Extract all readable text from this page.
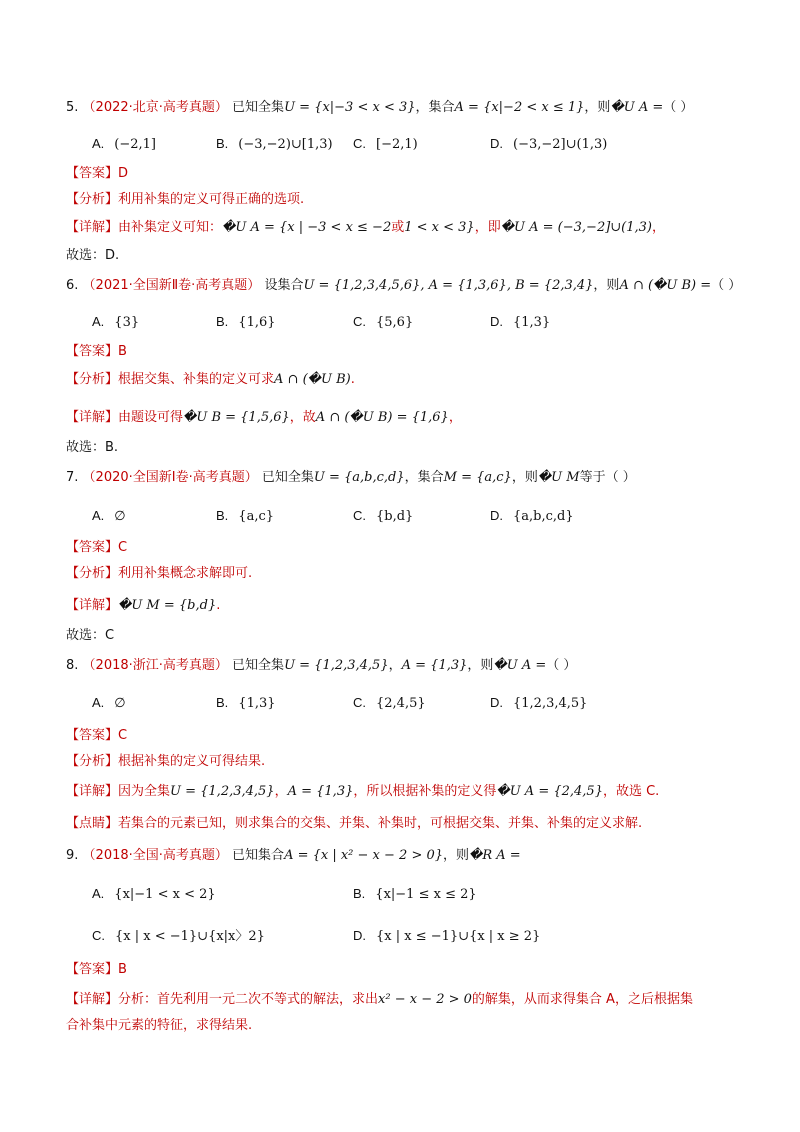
5. （2022·北京·高考真题） 已知全集U = {x|−3 < x < 3}，集合A = {x|−2 < x ≤ 1}，则�U A =（ ）
A. (−2,1]	B. (−3,−2)∪[1,3) C. [−2,1)	D. (−3,−2]∪(1,3)
【答案】D
【分析】利用补集的定义可得正确的选项.
【详解】由补集定义可知：�U A = {x | −3 < x ≤ −2或1 < x < 3}，即�U A = (−3,−2]∪(1,3)，
故选：D.
6. （2021·全国新Ⅱ卷·高考真题） 设集合U = {1,2,3,4,5,6}, A = {1,3,6}, B = {2,3,4}，则A ∩ (�U B) =（ ）
A. {3}	B. {1,6}	C. {5,6}	D. {1,3}
【答案】B
【分析】根据交集、补集的定义可求A ∩ (�U B).
【详解】由题设可得�U B = {1,5,6}，故A ∩ (�U B) = {1,6}，
故选：B.
7. （2020·全国新Ⅰ卷·高考真题） 已知全集U = {a,b,c,d}，集合M = {a,c}，则�U M等于（ ）
A. ∅	B. {a,c}	C. {b,d}	D. {a,b,c,d}
【答案】C
【分析】利用补集概念求解即可.
【详解】�U M = {b,d}.
故选：C
8. （2018·浙江·高考真题） 已知全集U = {1,2,3,4,5}，A = {1,3}，则�U A =（ ）
A. ∅	B. {1,3}	C. {2,4,5}	D. {1,2,3,4,5}
【答案】C
【分析】根据补集的定义可得结果.
【详解】因为全集U = {1,2,3,4,5}，A = {1,3}，所以根据补集的定义得�U A = {2,4,5}，故选 C.
【点睛】若集合的元素已知，则求集合的交集、并集、补集时，可根据交集、并集、补集的定义求解.
9. （2018·全国·高考真题） 已知集合A = {x | x² − x − 2 > 0}，则�R A =
A. {x|−1 < x < 2}	B. {x|−1 ≤ x ≤ 2}
C. {x | x < −1}∪{x|x〉2}	D. {x | x ≤ −1}∪{x | x ≥ 2}
【答案】B
【详解】分析：首先利用一元二次不等式的解法，求出x² − x − 2 > 0的解集，从而求得集合 A，之后根据集
合补集中元素的特征，求得结果.
